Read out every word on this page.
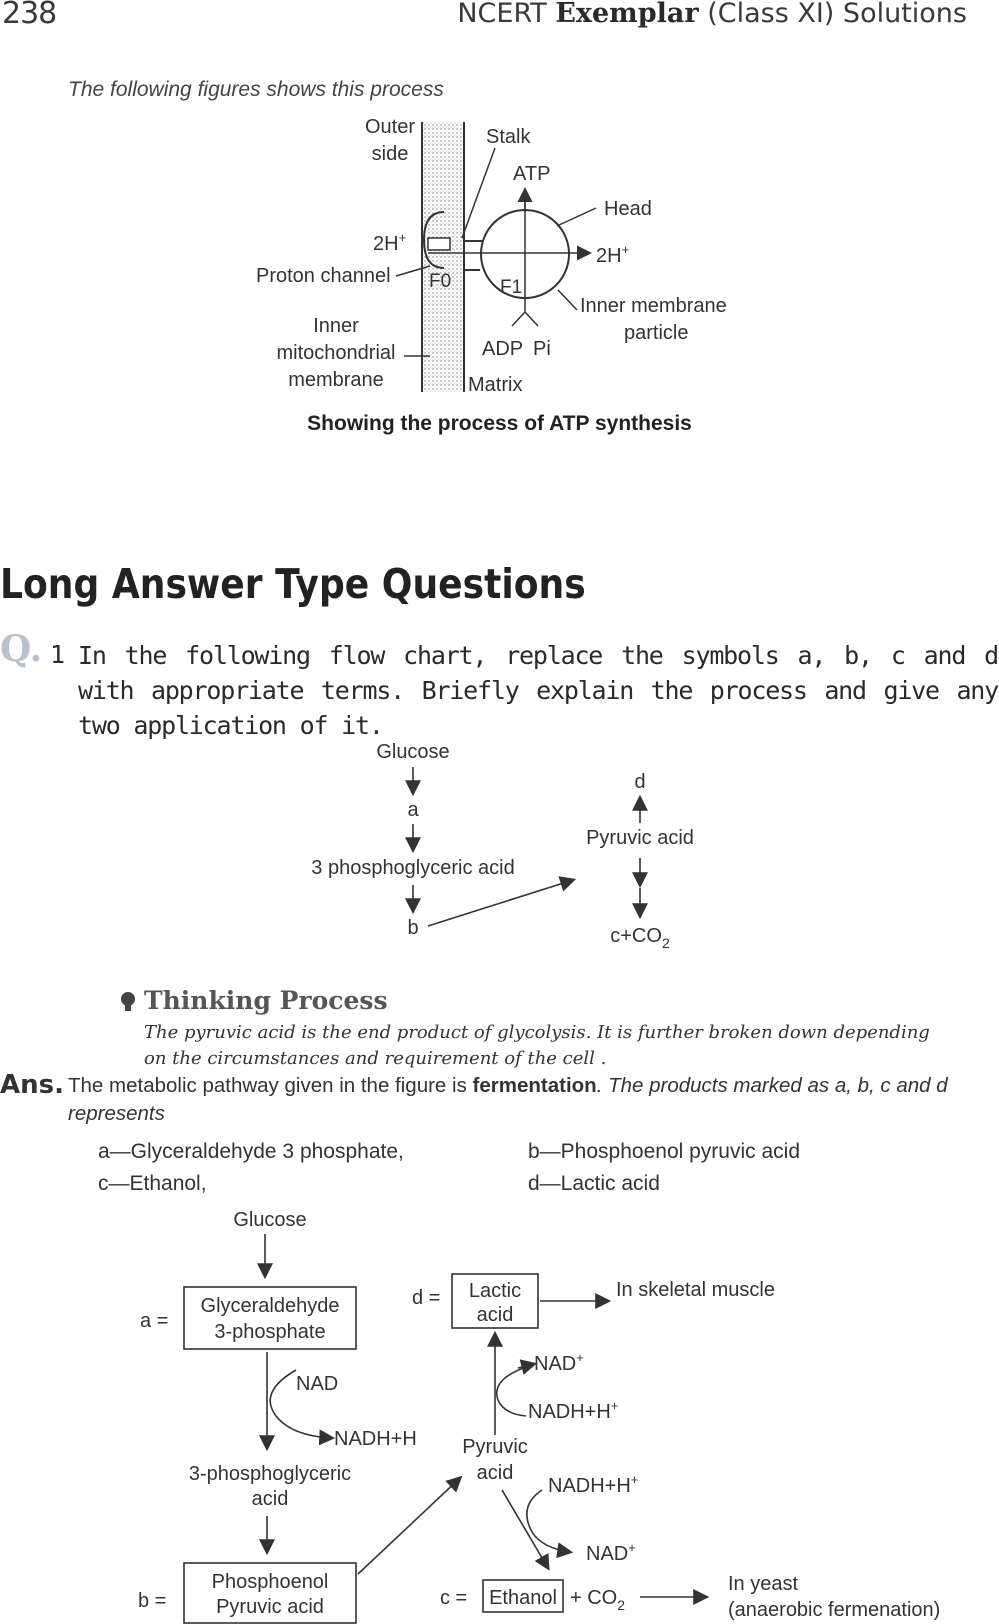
238	NCERT Exemplar (Class XI) Solutions
The following figures shows this process
Outer
side
Stalk
ATP
Head
2H+
2H+
Proton channel F0	F1
Inner membrane
particle
Inner
mitochondrial
membrane
ADP Pi
Matrix
Showing the process of ATP synthesis
Long Answer Type Questions
Q. 1 In the following flow chart, replace the symbols a, b, c and d with appropriate terms. Briefly explain the process and give any two application of it.
Glucose
a
3 phosphoglyceric acid
b
d
Pyruvic acid
$c+CO_2$
Thinking Process
The pyruvic acid is the end product of glycolysis. It is further broken down depending on the circumstances and requirement of the cell .
Ans. The metabolic pathway given in the figure is fermentation. The products marked as a, b, c and d represents
a—Glyceraldehyde 3 phosphate,	b—Phosphoenol pyruvic acid
c—Ethanol,	d—Lactic acid
Glucose
a =
Glyceraldehyde
3-phosphate
NAD
NADH+H
3-phosphoglyceric
acid
b =
Phosphoenol
Pyruvic acid
d = Lactic
acid
In skeletal muscle
NAD+
NADH+H+
Pyruvic
acid
NADH+H+
NAD+
c = Ethanol + $CO_2$
In yeast
(anaerobic fermenation)
